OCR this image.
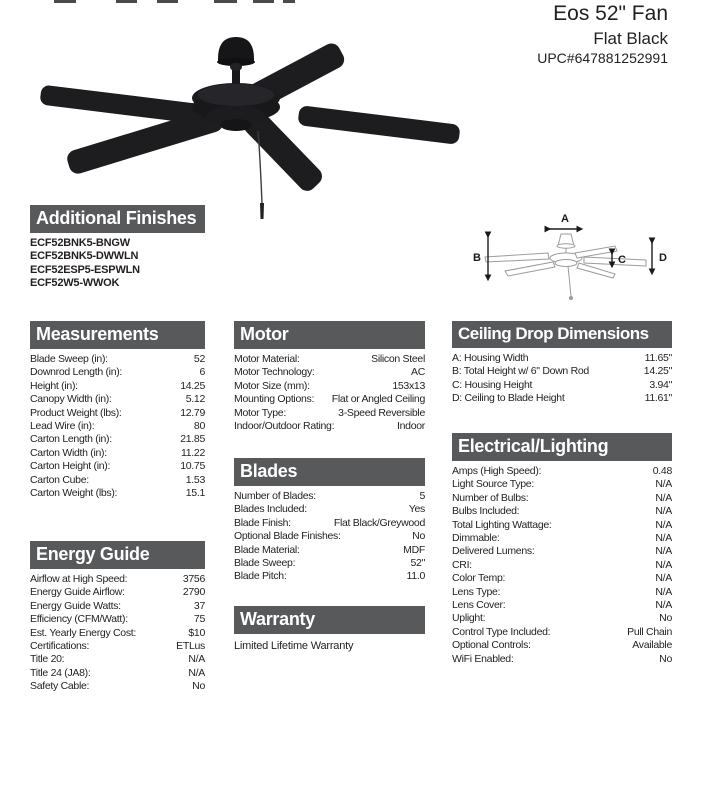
Eos 52" Fan
Flat Black
UPC#647881252991
A
B	C	D
Additional Finishes
ECF52BNK5-BNGW
ECF52BNK5-DWWLN
ECF52ESP5-ESPWLN
ECF52W5-WWOK
Measurements
Blade Sweep (in):	52
Downrod Length (in):	6
Height (in):	14.25
Canopy Width (in):	5.12
Product Weight (lbs):	12.79
Lead Wire (in):	80
Carton Length (in):	21.85
Carton Width (in):	11.22
Carton Height (in):	10.75
Carton Cube:	1.53
Carton Weight (lbs):	15.1
Energy Guide
Airflow at High Speed:	3756
Energy Guide Airflow:	2790
Energy Guide Watts:	37
Efficiency (CFM/Watt):	75
Est. Yearly Energy Cost:	$10
Certifications:	ETLus
Title 20:	N/A
Title 24 (JA8):	N/A
Safety Cable:	No
Motor
Motor Material:	Silicon Steel
Motor Technology:	AC
Motor Size (mm):	153x13
Mounting Options: Flat or Angled Ceiling
Motor Type:	3-Speed Reversible
Indoor/Outdoor Rating:	Indoor
Blades
Number of Blades:	5
Blades Included:	Yes
Blade Finish:	Flat Black/Greywood
Optional Blade Finishes:	No
Blade Material:	MDF
Blade Sweep:	52"
Blade Pitch:	11.0
Warranty
Limited Lifetime Warranty
Ceiling Drop Dimensions
A: Housing Width	11.65"
B: Total Height w/ 6" Down Rod	14.25"
C: Housing Height	3.94"
D: Ceiling to Blade Height	11.61"
Electrical/Lighting
Amps (High Speed):	0.48
Light Source Type:	N/A
Number of Bulbs:	N/A
Bulbs Included:	N/A
Total Lighting Wattage:	N/A
Dimmable:	N/A
Delivered Lumens:	N/A
CRI:	N/A
Color Temp:	N/A
Lens Type:	N/A
Lens Cover:	N/A
Uplight:	No
Control Type Included:	Pull Chain
Optional Controls:	Available
WiFi Enabled:	No
